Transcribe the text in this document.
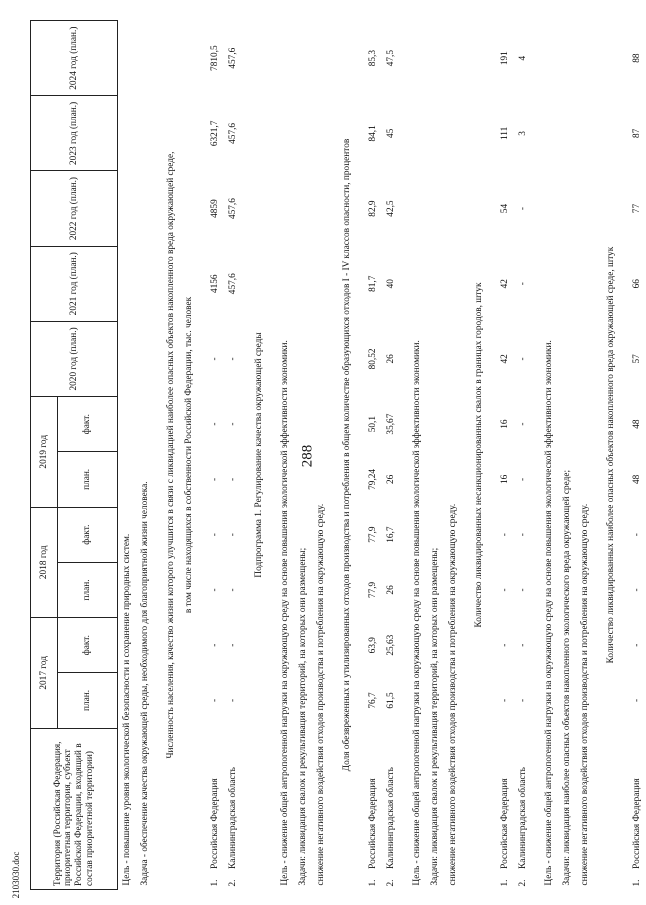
288
2103030.doc	Территория (Российская Федерация, приоритетная территория, субъект Российской Федерации, входящий в состав приоритетной территории)		2017 год		2018 год		2019 год		2020 год (план.)	2021 год (план.)	2022 год (план.)	2023 год (план.)	2024 год (план.)
		план.	факт.	план.	факт.	план.	факт.					
Цель - повышение уровня экологической безопасности и сохранение природных систем.												
Задача - обеспечение качества окружающей среды, необходимого для благоприятной жизни человека.												

Численность населения, качество жизни которого улучшится в связи с ликвидацией наиболее опасных объектов накопленного вреда окружающей среде,												
в том числе находящихся в собственности Российской Федерации, тыс. человек												

1.	Российская Федерация	-	-	-	-	-	-	-	4156	4859	6321,7	7810,5
2.	Калининградская область	-	-	-	-	-	-	-	457,6	457,6	457,6	457,6

Подпрограмма 1. Регулирование качества окружающей среды												

Цель - снижение общей антропогенной нагрузки на окружающую среду на основе повышения экологической эффективности экономики.												
Задачи: ликвидация свалок и рекультивация территорий, на которых они размещены;												
снижение негативного воздействия отходов производства и потребления на окружающую среду.												

Доля обезвреженных и утилизированных отходов производства и потребления в общем количестве образующихся отходов I - IV классов опасности, процентов												

1.	Российская Федерация	76,7	63,9	77,9	77,9	79,24	50,1	80,52	81,7	82,9	84,1	85,3
2.	Калининградская область	61,5	25,63	26	16,7	26	35,67	26	40	42,5	45	47,5

Цель - снижение общей антропогенной нагрузки на окружающую среду на основе повышения экологической эффективности экономики.												
Задачи: ликвидация свалок и рекультивация территорий, на которых они размещены;												
снижение негативного воздействия отходов производства и потребления на окружающую среду.												

Количество ликвидированных несанкционированных свалок в границах городов, штук												

1.	Российская Федерация	-	-	-	-	16	16	42	42	54	111	191
2.	Калининградская область	-	-	-	-	-	-	-	-	-	3	4

Цель - снижение общей антропогенной нагрузки на окружающую среду на основе повышения экологической эффективности экономики.												
Задачи: ликвидация наиболее опасных объектов накопленного экологического вреда окружающей среде;												
снижение негативного воздействия отходов производства и потребления на окружающую среду.												

Количество ликвидированных наиболее опасных объектов накопленного вреда окружающей среде, штук												

1.	Российская Федерация	-	-	-	-	48	48	57	66	77	87	88
